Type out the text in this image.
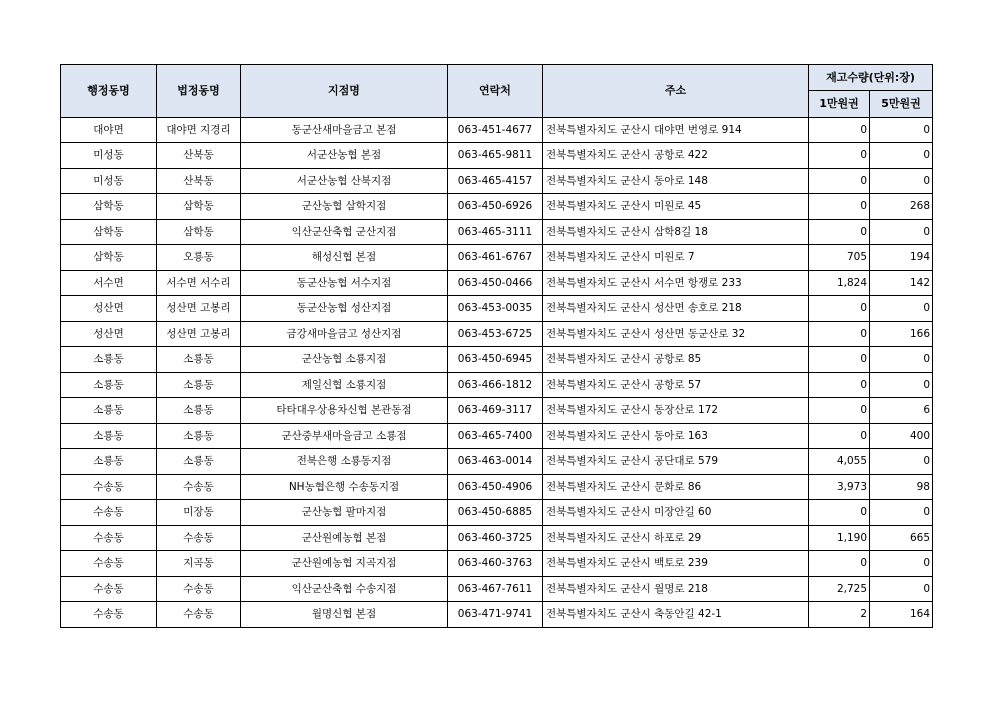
행정동명	법정동명	지점명	연락처	주소	재고수량(단위:장)	
					1만원권	5만원권
대야면	대야면 지경리	동군산새마을금고 본점	063-451-4677	전북특별자치도 군산시 대야면 번영로 914	0	0
미성동	산북동	서군산농협 본점	063-465-9811	전북특별자치도 군산시 공항로 422	0	0
미성동	산북동	서군산농협 산북지점	063-465-4157	전북특별자치도 군산시 동아로 148	0	0
삼학동	삼학동	군산농협 삼학지점	063-450-6926	전북특별자치도 군산시 미원로 45	0	268
삼학동	삼학동	익산군산축협 군산지점	063-465-3111	전북특별자치도 군산시 삼학8길 18	0	0
삼학동	오룡동	해성신협 본점	063-461-6767	전북특별자치도 군산시 미원로 7	705	194
서수면	서수면 서수리	동군산농협 서수지점	063-450-0466	전북특별자치도 군산시 서수면 항쟁로 233	1,824	142
성산면	성산면 고봉리	동군산농협 성산지점	063-453-0035	전북특별자치도 군산시 성산면 송호로 218	0	0
성산면	성산면 고봉리	금강새마을금고 성산지점	063-453-6725	전북특별자치도 군산시 성산면 동군산로 32	0	166
소룡동	소룡동	군산농협 소룡지점	063-450-6945	전북특별자치도 군산시 공항로 85	0	0
소룡동	소룡동	제일신협 소룡지점	063-466-1812	전북특별자치도 군산시 공항로 57	0	0
소룡동	소룡동	타타대우상용차신협 본관동점	063-469-3117	전북특별자치도 군산시 동장산로 172	0	6
소룡동	소룡동	군산중부새마을금고 소룡점	063-465-7400	전북특별자치도 군산시 동아로 163	0	400
소룡동	소룡동	전북은행 소룡동지점	063-463-0014	전북특별자치도 군산시 공단대로 579	4,055	0
수송동	수송동	NH농협은행 수송동지점	063-450-4906	전북특별자치도 군산시 문화로 86	3,973	98
수송동	미장동	군산농협 팔마지점	063-450-6885	전북특별자치도 군산시 미장안길 60	0	0
수송동	수송동	군산원예농협 본점	063-460-3725	전북특별자치도 군산시 하포로 29	1,190	665
수송동	지곡동	군산원예농협 지곡지점	063-460-3763	전북특별자치도 군산시 백토로 239	0	0
수송동	수송동	익산군산축협 수송지점	063-467-7611	전북특별자치도 군산시 월명로 218	2,725	0
수송동	수송동	월명신협 본점	063-471-9741	전북특별자치도 군산시 축동안길 42-1	2	164
